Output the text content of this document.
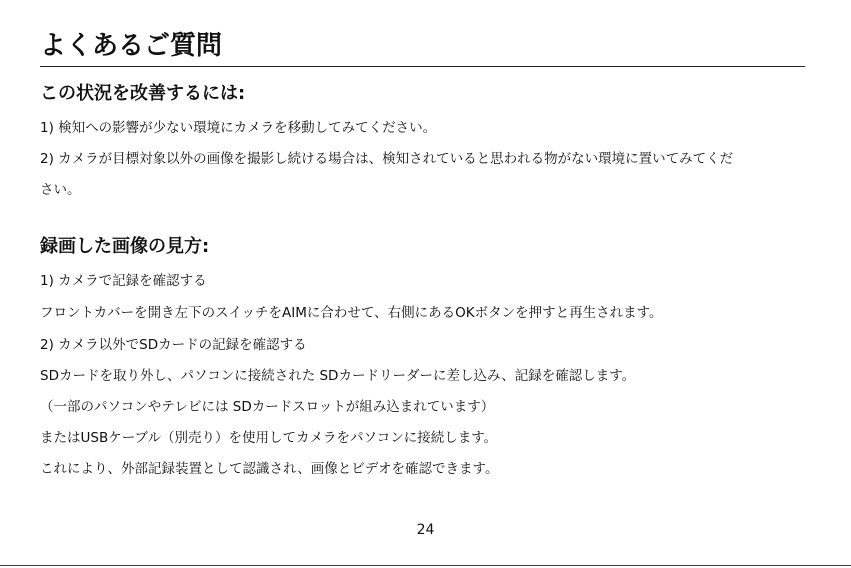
よくあるご質問
この状況を改善するには:

1) 検知への影響が少ない環境にカメラを移動してみてください。

2) カメラが目標対象以外の画像を撮影し続ける場合は、検知されていると思われる物がない環境に置いてみてくだ

さい。

録画した画像の見方:

1) カメラで記録を確認する

フロントカバーを開き左下のスイッチをAIMに合わせて、右側にあるOKボタンを押すと再生されます。

2) カメラ以外でSDカードの記録を確認する

SDカードを取り外し、パソコンに接続された SDカードリーダーに差し込み、記録を確認します。

（一部のパソコンやテレビには SDカードスロットが組み込まれています）

またはUSBケーブル（別売り）を使用してカメラをパソコンに接続します。

これにより、外部記録装置として認識され、画像とビデオを確認できます。

24
